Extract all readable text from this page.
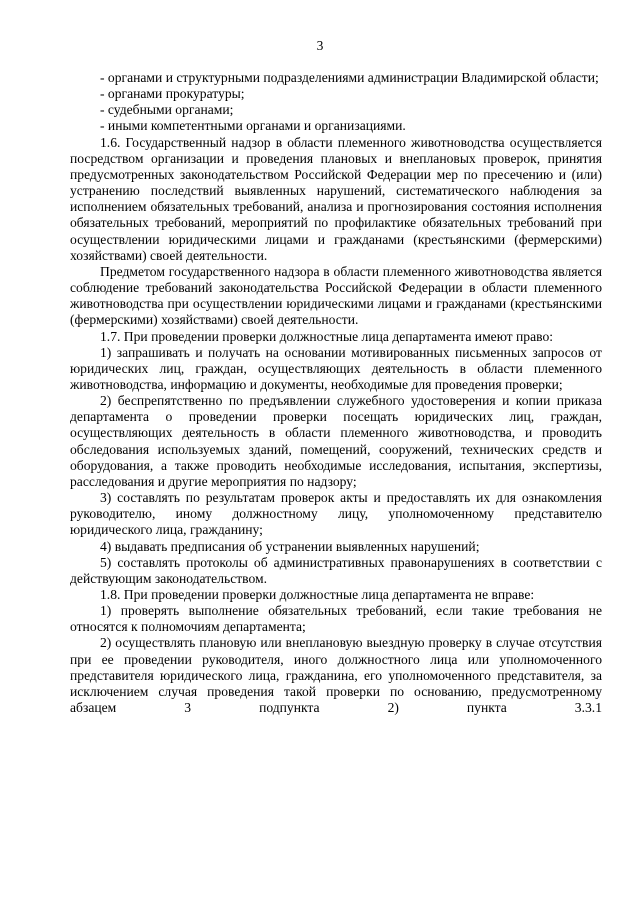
3

- органами и структурными подразделениями администрации Владимирской области;

- органами прокуратуры;

- судебными органами;

- иными компетентными органами и организациями.

1.6. Государственный надзор в области племенного животноводства осуществляется посредством организации и проведения плановых и внеплановых проверок, принятия предусмотренных законодательством Российской Федерации мер по пресечению и (или) устранению последствий выявленных нарушений, систематического наблюдения за исполнением обязательных требований, анализа и прогнозирования состояния исполнения обязательных требований, мероприятий по профилактике обязательных требований при осуществлении юридическими лицами и гражданами (крестьянскими (фермерскими) хозяйствами) своей деятельности.

Предметом государственного надзора в области племенного животноводства является соблюдение требований законодательства Российской Федерации в области племенного животноводства при осуществлении юридическими лицами и гражданами (крестьянскими (фермерскими) хозяйствами) своей деятельности.

1.7. При проведении проверки должностные лица департамента имеют право:

1) запрашивать и получать на основании мотивированных письменных запросов от юридических лиц, граждан, осуществляющих деятельность в области племенного животноводства, информацию и документы, необходимые для проведения проверки;

2) беспрепятственно по предъявлении служебного удостоверения и копии приказа департамента о проведении проверки посещать юридических лиц, граждан, осуществляющих деятельность в области племенного животноводства, и проводить обследования используемых зданий, помещений, сооружений, технических средств и оборудования, а также проводить необходимые исследования, испытания, экспертизы, расследования и другие мероприятия по надзору;

3) составлять по результатам проверок акты и предоставлять их для ознакомления руководителю, иному должностному лицу, уполномоченному представителю юридического лица, гражданину;

4) выдавать предписания об устранении выявленных нарушений;

5) составлять протоколы об административных правонарушениях в соответствии с действующим законодательством.

1.8. При проведении проверки должностные лица департамента не вправе:

1) проверять выполнение обязательных требований, если такие требования не относятся к полномочиям департамента;

2) осуществлять плановую или внеплановую выездную проверку в случае отсутствия при ее проведении руководителя, иного должностного лица или уполномоченного представителя юридического лица, гражданина, его уполномоченного представителя, за исключением случая проведения такой проверки по основанию, предусмотренному абзацем 3 подпункта 2) пункта 3.3.1
